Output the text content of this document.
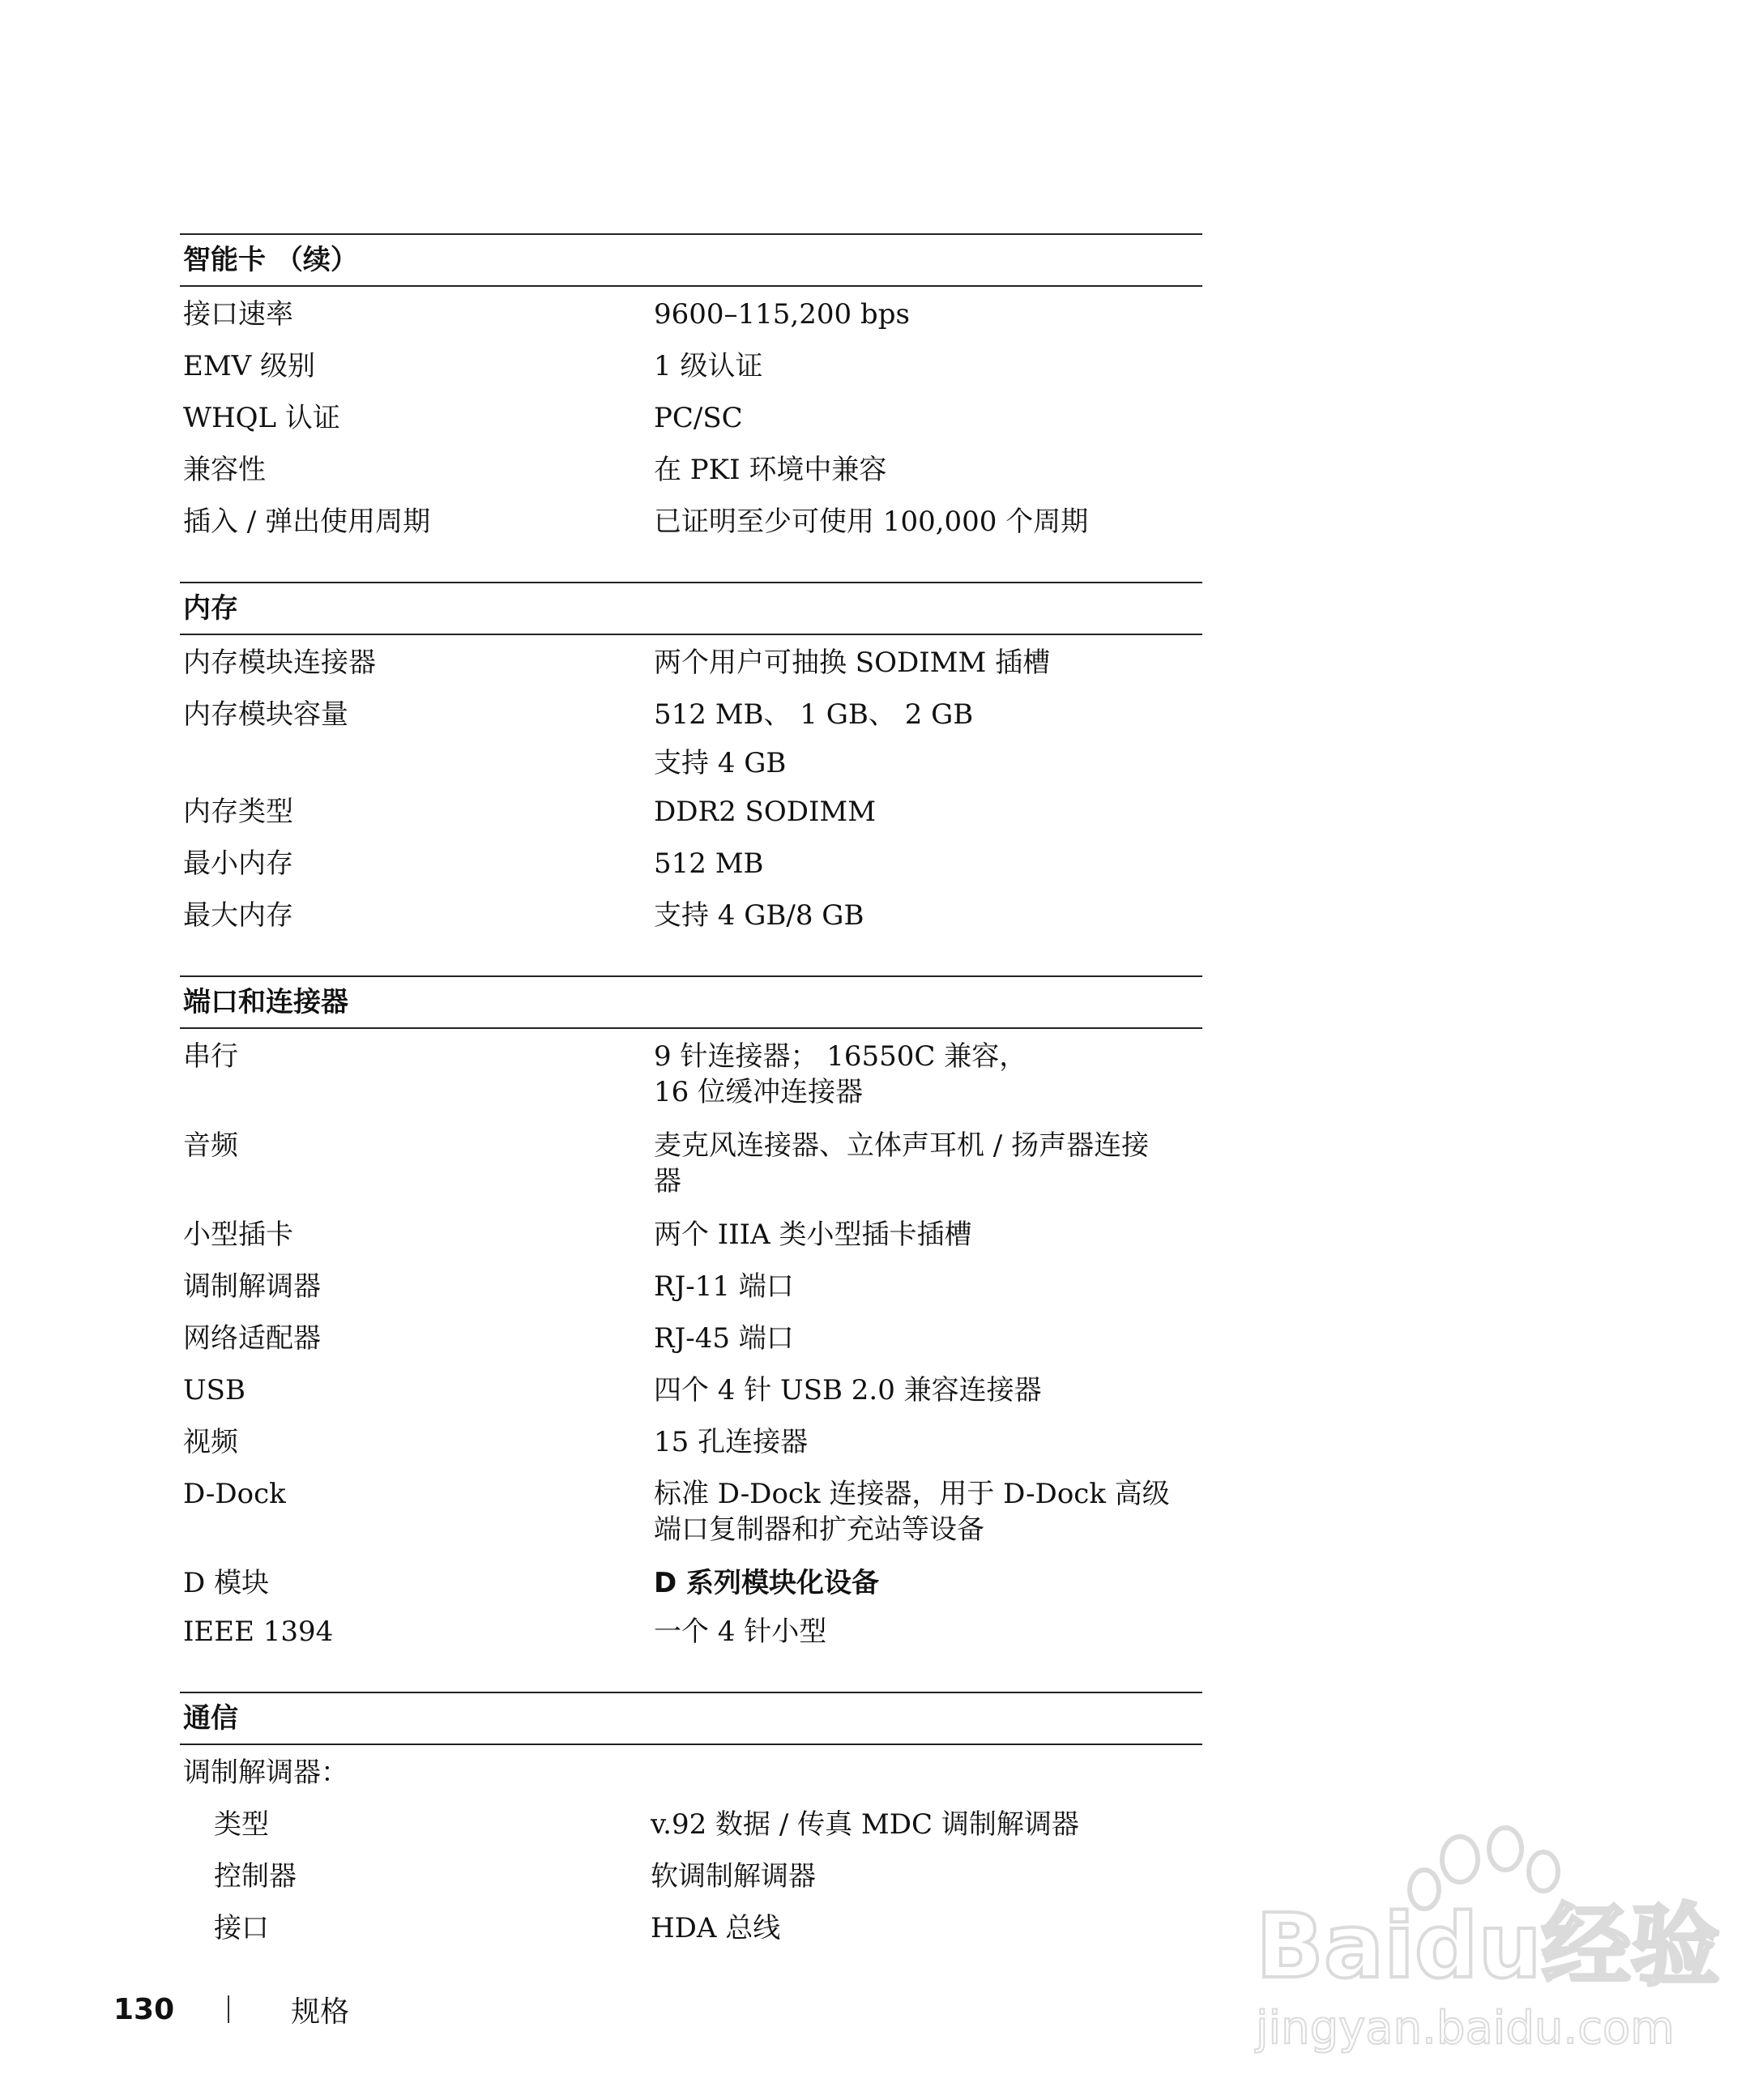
智能卡 （续）
接口速率	9600–115,200 bps
EMV 级别	1 级认证
WHQL 认证	PC/SC
兼容性	在 PKI 环境中兼容
插入 / 弹出使用周期	已证明至少可使用 100,000 个周期
内存
内存模块连接器	两个用户可抽换 SODIMM 插槽
内存模块容量	512 MB、 1 GB、 2 GB
支持 4 GB
内存类型	DDR2 SODIMM
最小内存	512 MB
最大内存	支持 4 GB/8 GB
端口和连接器
串行	9 针连接器； 16550C 兼容，
16 位缓冲连接器
音频	麦克风连接器、立体声耳机 / 扬声器连接
器
小型插卡	两个 IIIA 类小型插卡插槽
调制解调器	RJ-11 端口
网络适配器	RJ-45 端口
USB	四个 4 针 USB 2.0 兼容连接器
视频	15 孔连接器
D-Dock	标准 D-Dock 连接器，用于 D-Dock 高级
端口复制器和扩充站等设备
D 模块	D 系列模块化设备
IEEE 1394	一个 4 针小型
通信
调制解调器：
类型	v.92 数据 / 传真 MDC 调制解调器
控制器	软调制解调器
接口	HDA 总线
130	规格
Baidu经验
jingyan.baidu.com
